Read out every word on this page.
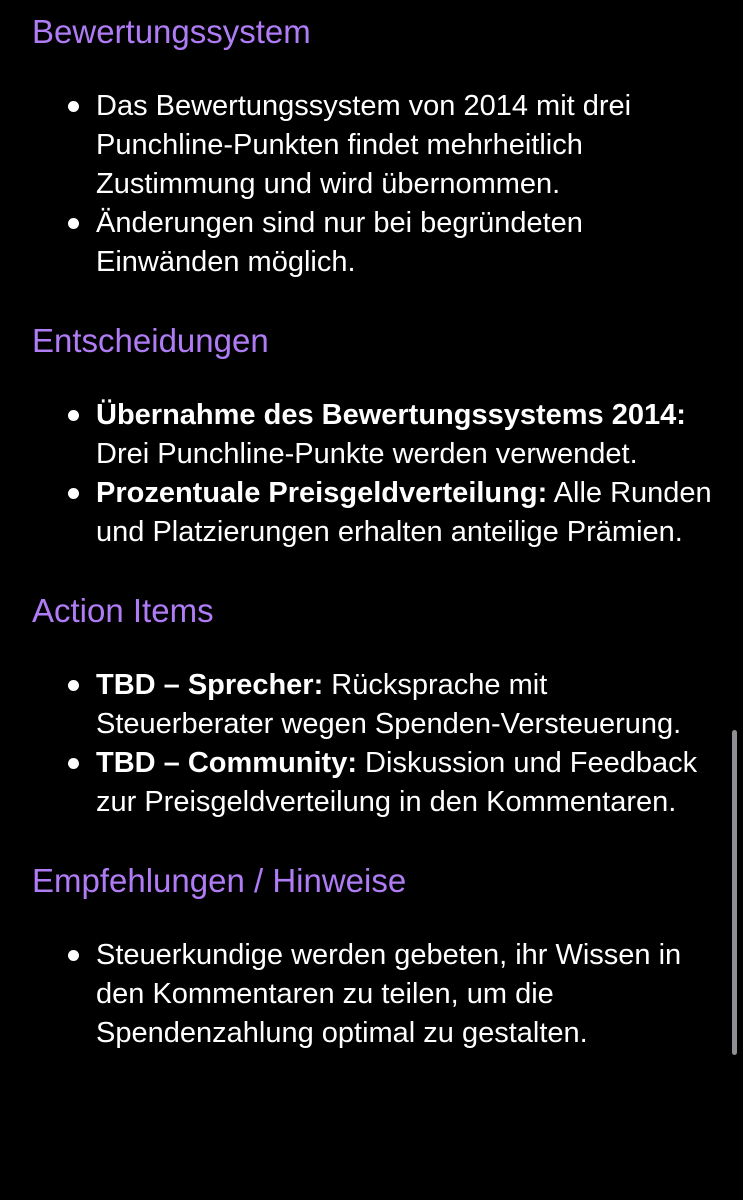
Bewertungssystem
Das Bewertungssystem von 2014 mit drei Punchline-Punkten findet mehrheitlich Zustimmung und wird übernommen.
Änderungen sind nur bei begründeten Einwänden möglich.
Entscheidungen
Übernahme des Bewertungssystems 2014: Drei Punchline-Punkte werden verwendet.
Prozentuale Preisgeldverteilung: Alle Runden und Platzierungen erhalten anteilige Prämien.
Action Items
TBD – Sprecher: Rücksprache mit Steuerberater wegen Spenden-Versteuerung.
TBD – Community: Diskussion und Feedback zur Preisgeldverteilung in den Kommentaren.
Empfehlungen / Hinweise
Steuerkundige werden gebeten, ihr Wissen in den Kommentaren zu teilen, um die Spendenzahlung optimal zu gestalten.
